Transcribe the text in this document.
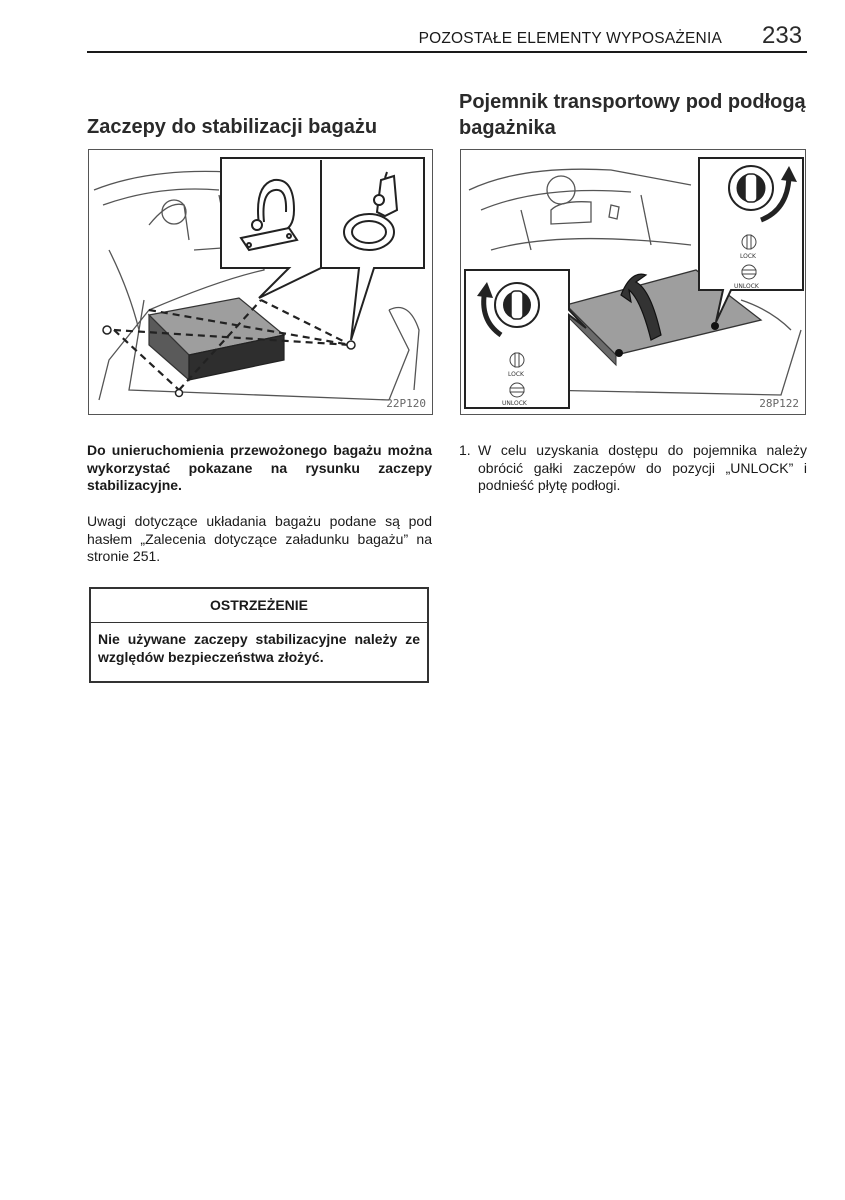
POZOSTAŁE ELEMENTY WYPOSAŻENIA 233
Zaczepy do stabilizacji bagażu
Pojemnik transportowy pod podłogą bagażnika
22P120
LOCK
UNLOCK
LOCK
UNLOCK	28P122
Do unieruchomienia przewożonego bagażu można wykorzystać pokazane na rysunku zaczepy stabilizacyjne.
Uwagi dotyczące układania bagażu podane są pod hasłem „Zalecenia dotyczące załadunku bagażu” na stronie 251.
OSTRZEŻENIE
Nie używane zaczepy stabilizacyjne należy ze względów bezpieczeństwa złożyć.
1. W celu uzyskania dostępu do pojemnika należy obrócić gałki zaczepów do pozycji „UNLOCK” i podnieść płytę podłogi.
